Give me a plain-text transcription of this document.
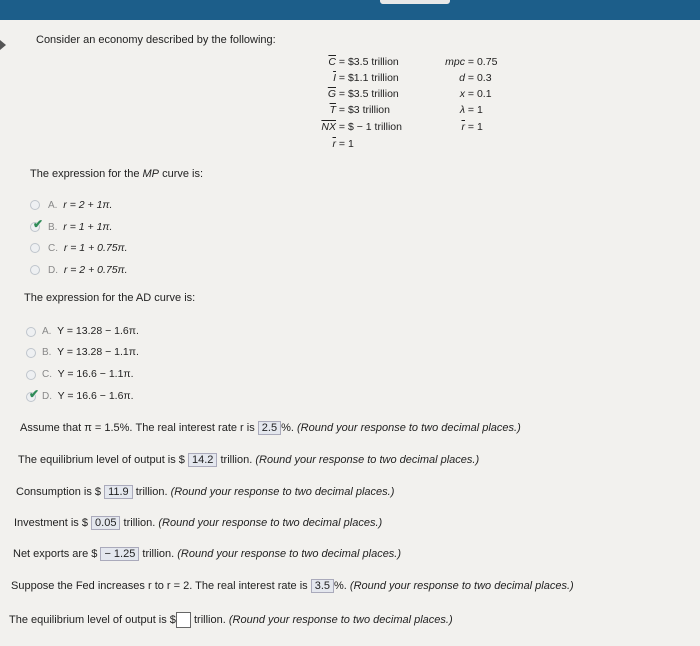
Consider an economy described by the following:
$\overline{C}$ = $3.5 trillion
$\overline{I}$ = $1.1 trillion
$\overline{G}$ = $3.5 trillion
$\overline{T}$ = $3 trillion
$\overline{NX}$ = $ − 1 trillion
$\overline{r} = 1$
mpc = 0.75
d = 0.3
x = 0.1
λ = 1
$\overline{r} = 1$
The expression for the MP curve is:
A. r = 2 + 1π.
✔ B. r = 1 + 1π.
C. r = 1 + 0.75π.
D. r = 2 + 0.75π.
The expression for the AD curve is:
A. Y = 13.28 − 1.6π.
B. Y = 13.28 − 1.1π.
C. Y = 16.6 − 1.1π.
✔ D. Y = 16.6 − 1.6π.
Assume that π = 1.5%. The real interest rate r is 2.5 %. (Round your response to two decimal places.)
The equilibrium level of output is $ 14.2 trillion. (Round your response to two decimal places.)
Consumption is $ 11.9 trillion. (Round your response to two decimal places.)
Investment is $ 0.05 trillion. (Round your response to two decimal places.)
Net exports are $ − 1.25 trillion. (Round your response to two decimal places.)
Suppose the Fed increases r to r = 2. The real interest rate is 3.5 %. (Round your response to two decimal places.)
The equilibrium level of output is $ trillion. (Round your response to two decimal places.)
